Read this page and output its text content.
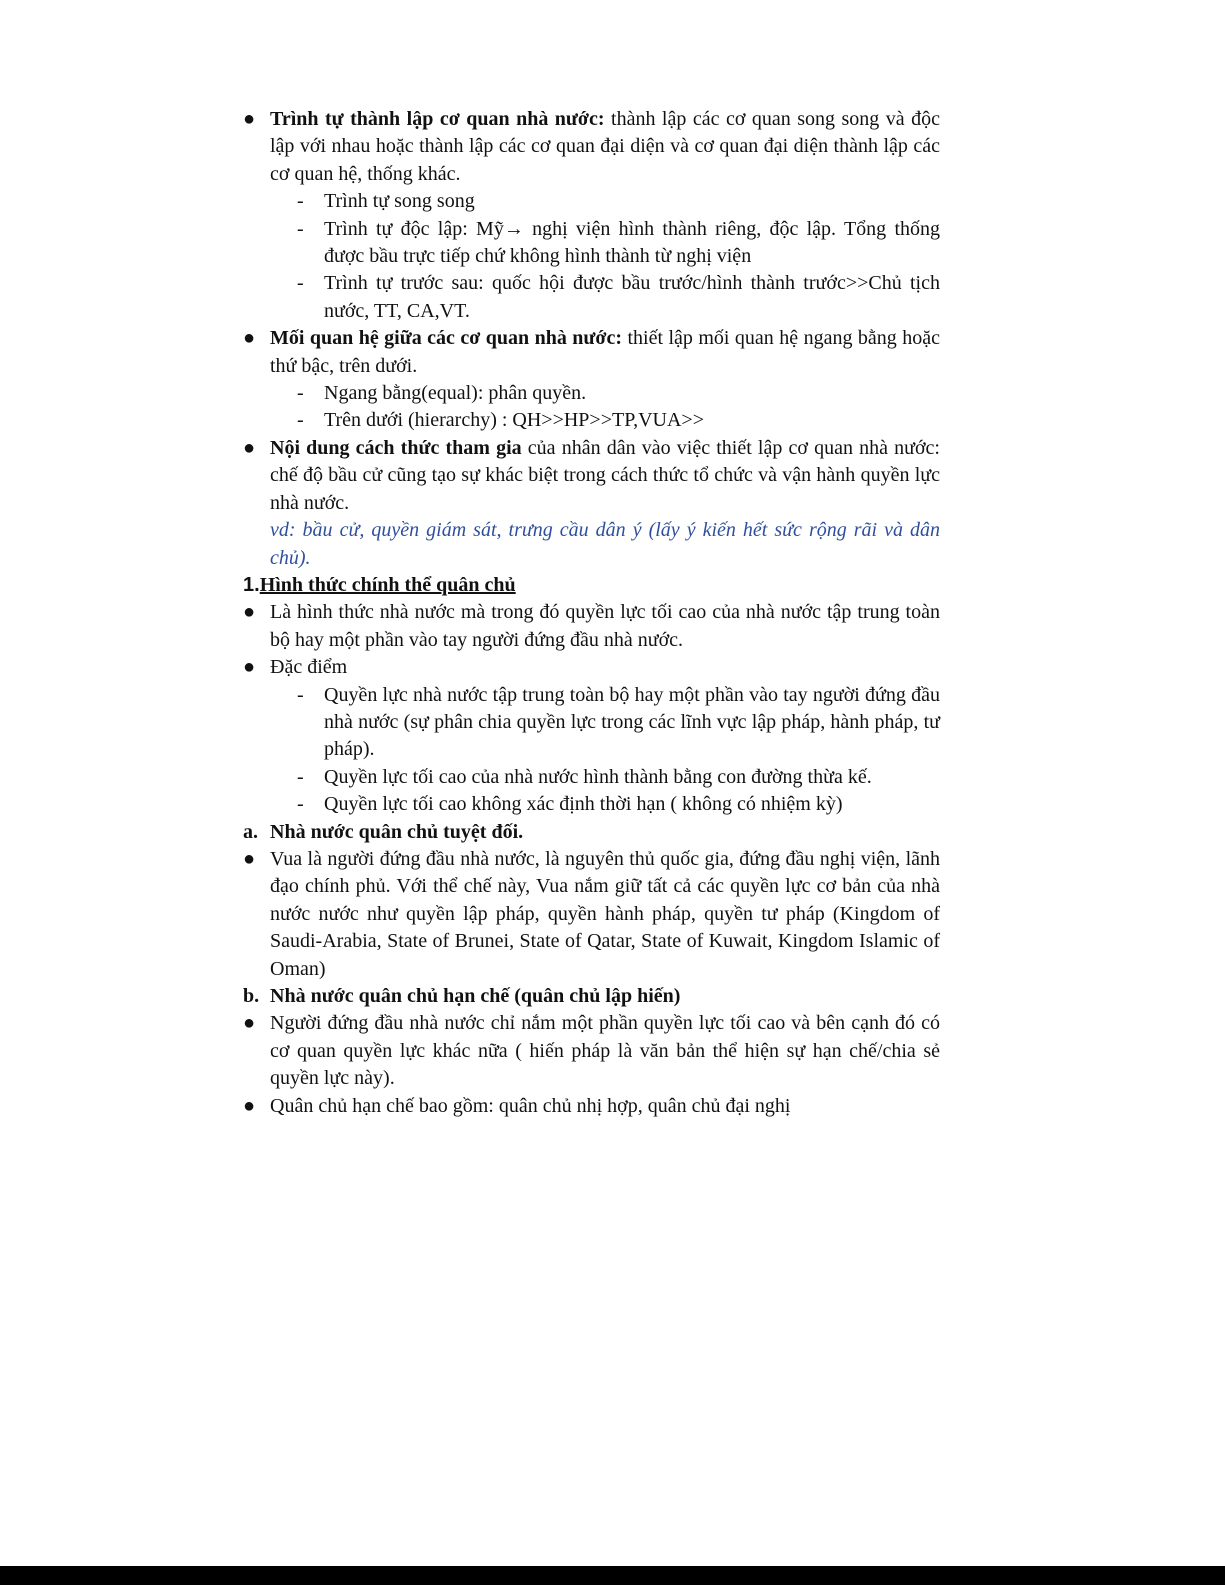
● Trình tự thành lập cơ quan nhà nước: thành lập các cơ quan song song và độc lập với nhau hoặc thành lập các cơ quan đại diện và cơ quan đại diện thành lập các cơ quan hệ, thống khác.

- Trình tự song song

- Trình tự độc lập: Mỹ→ nghị viện hình thành riêng, độc lập. Tổng thống được bầu trực tiếp chứ không hình thành từ nghị viện

- Trình tự trước sau: quốc hội được bầu trước/hình thành trước>>Chủ tịch nước, TT, CA,VT.

● Mối quan hệ giữa các cơ quan nhà nước: thiết lập mối quan hệ ngang bằng hoặc thứ bậc, trên dưới.

- Ngang bằng(equal): phân quyền.

- Trên dưới (hierarchy) : QH>>HP>>TP,VUA>>

● Nội dung cách thức tham gia của nhân dân vào việc thiết lập cơ quan nhà nước: chế độ bầu cử cũng tạo sự khác biệt trong cách thức tổ chức và vận hành quyền lực nhà nước.

vd: bầu cử, quyền giám sát, trưng cầu dân ý (lấy ý kiến hết sức rộng rãi và dân chủ).

1.Hình thức chính thể quân chủ

● Là hình thức nhà nước mà trong đó quyền lực tối cao của nhà nước tập trung toàn bộ hay một phần vào tay người đứng đầu nhà nước.

● Đặc điểm

- Quyền lực nhà nước tập trung toàn bộ hay một phần vào tay người đứng đầu nhà nước (sự phân chia quyền lực trong các lĩnh vực lập pháp, hành pháp, tư pháp).

- Quyền lực tối cao của nhà nước hình thành bằng con đường thừa kế.

- Quyền lực tối cao không xác định thời hạn ( không có nhiệm kỳ)

a. Nhà nước quân chủ tuyệt đối.

● Vua là người đứng đầu nhà nước, là nguyên thủ quốc gia, đứng đầu nghị viện, lãnh đạo chính phủ. Với thể chế này, Vua nắm giữ tất cả các quyền lực cơ bản của nhà nước nước như quyền lập pháp, quyền hành pháp, quyền tư pháp (Kingdom of Saudi-Arabia, State of Brunei, State of Qatar, State of Kuwait, Kingdom Islamic of Oman)

b. Nhà nước quân chủ hạn chế (quân chủ lập hiến)

● Người đứng đầu nhà nước chỉ nắm một phần quyền lực tối cao và bên cạnh đó có cơ quan quyền lực khác nữa ( hiến pháp là văn bản thể hiện sự hạn chế/chia sẻ quyền lực này).

● Quân chủ hạn chế bao gồm: quân chủ nhị hợp, quân chủ đại nghị
